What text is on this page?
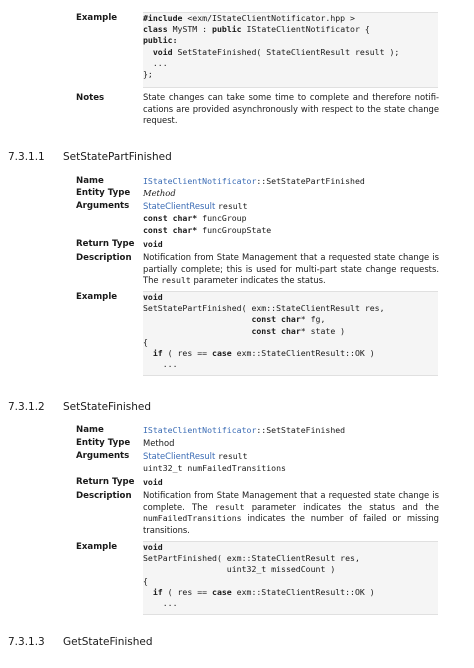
Example	#include <exm/IStateClientNotificator.hpp >
class MySTM : public IStateClientNotificator {
public:
void SetStateFinished( StateClientResult result );
...
};
Notes	State changes can take some time to complete and therefore notifi-cations are provided asynchronously with respect to the state change request.
7.3.1.1 SetStatePartFinished
Name	IStateClientNotificator::SetStatePartFinished
Entity Type Method
Arguments StateClientResult result
const char* funcGroup
const char* funcGroupState
Return Type void
Description Notification from State Management that a requested state change is partially complete; this is used for multi-part state change requests. The result parameter indicates the status.
Example	void
SetStatePartFinished( exm::StateClientResult res,
const char* fg,
const char* state )
{
if ( res == case exm::StateClientResult::OK )
...
7.3.1.2 SetStateFinished
Name	IStateClientNotificator::SetStateFinished
Entity Type Method
Arguments StateClientResult result
uint32_t numFailedTransitions
Return Type void
Description Notification from State Management that a requested state change is complete. The result parameter indicates the status and the numFailedTransitions indicates the number of failed or missing transitions.
Example	void
SetPartFinished( exm::StateClientResult res,
uint32_t missedCount )
{
if ( res == case exm::StateClientResult::OK )
...
7.3.1.3 GetStateFinished
